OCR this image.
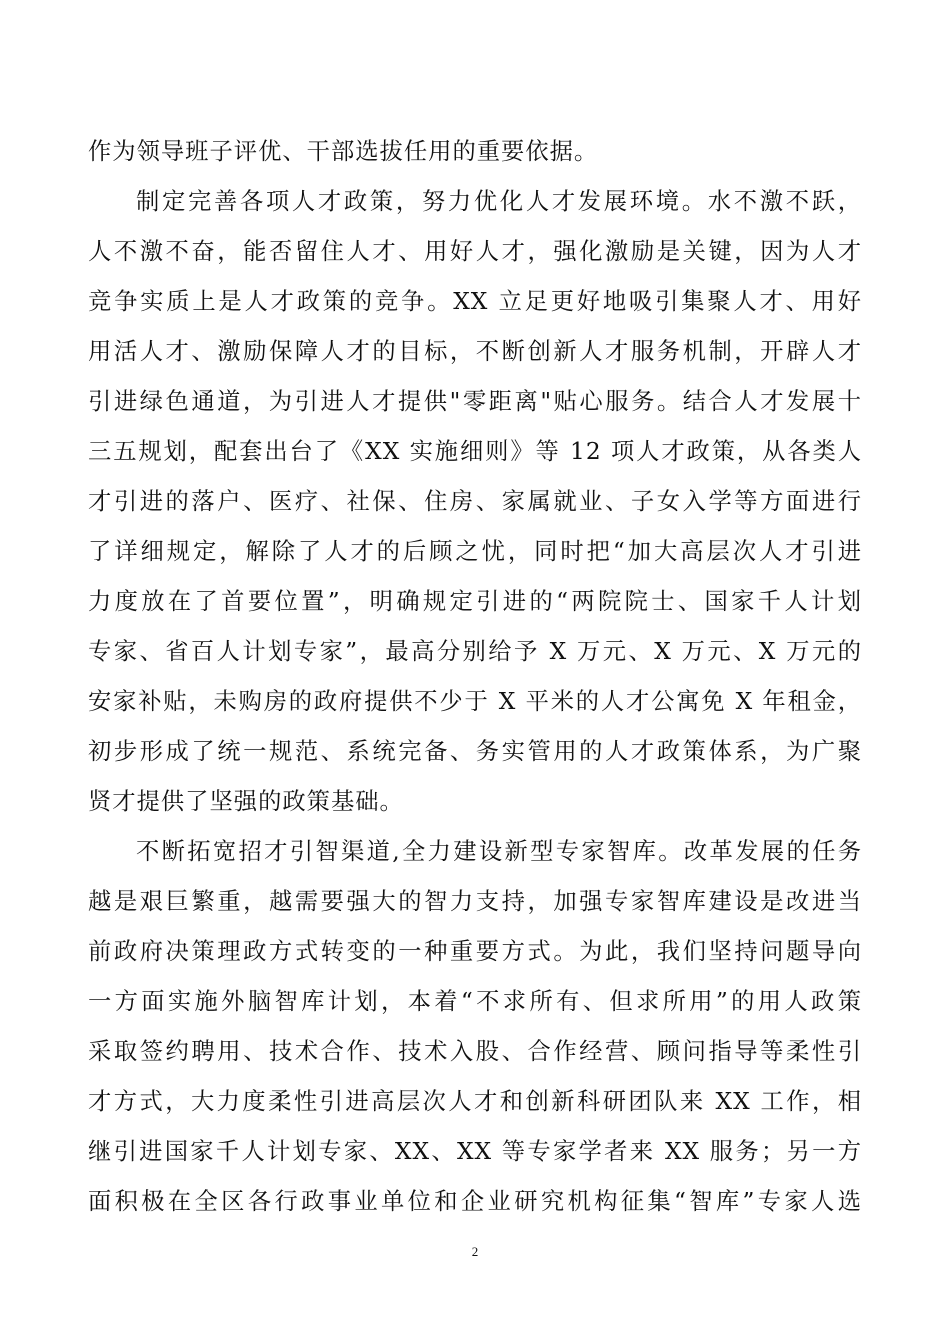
作为领导班子评优、干部选拔任用的重要依据。
制定完善各项人才政策，努力优化人才发展环境。水不激不跃，
人不激不奋，能否留住人才、用好人才，强化激励是关键，因为人才
竞争实质上是人才政策的竞争。XX 立足更好地吸引集聚人才、用好
用活人才、激励保障人才的目标，不断创新人才服务机制，开辟人才
引进绿色通道，为引进人才提供"零距离"贴心服务。结合人才发展十
三五规划，配套出台了《XX 实施细则》等 12 项人才政策，从各类人
才引进的落户、医疗、社保、住房、家属就业、子女入学等方面进行
了详细规定，解除了人才的后顾之忧，同时把“加大高层次人才引进
力度放在了首要位置”，明确规定引进的“两院院士、国家千人计划
专家、省百人计划专家”，最高分别给予 X 万元、X 万元、X 万元的
安家补贴，未购房的政府提供不少于 X 平米的人才公寓免 X 年租金，
初步形成了统一规范、系统完备、务实管用的人才政策体系，为广聚
贤才提供了坚强的政策基础。
不断拓宽招才引智渠道,全力建设新型专家智库。改革发展的任务
越是艰巨繁重，越需要强大的智力支持，加强专家智库建设是改进当
前政府决策理政方式转变的一种重要方式。为此，我们坚持问题导向
一方面实施外脑智库计划，本着“不求所有、但求所用”的用人政策
采取签约聘用、技术合作、技术入股、合作经营、顾问指导等柔性引
才方式，大力度柔性引进高层次人才和创新科研团队来 XX 工作，相
继引进国家千人计划专家、XX、XX 等专家学者来 XX 服务；另一方
面积极在全区各行政事业单位和企业研究机构征集“智库”专家人选
2
